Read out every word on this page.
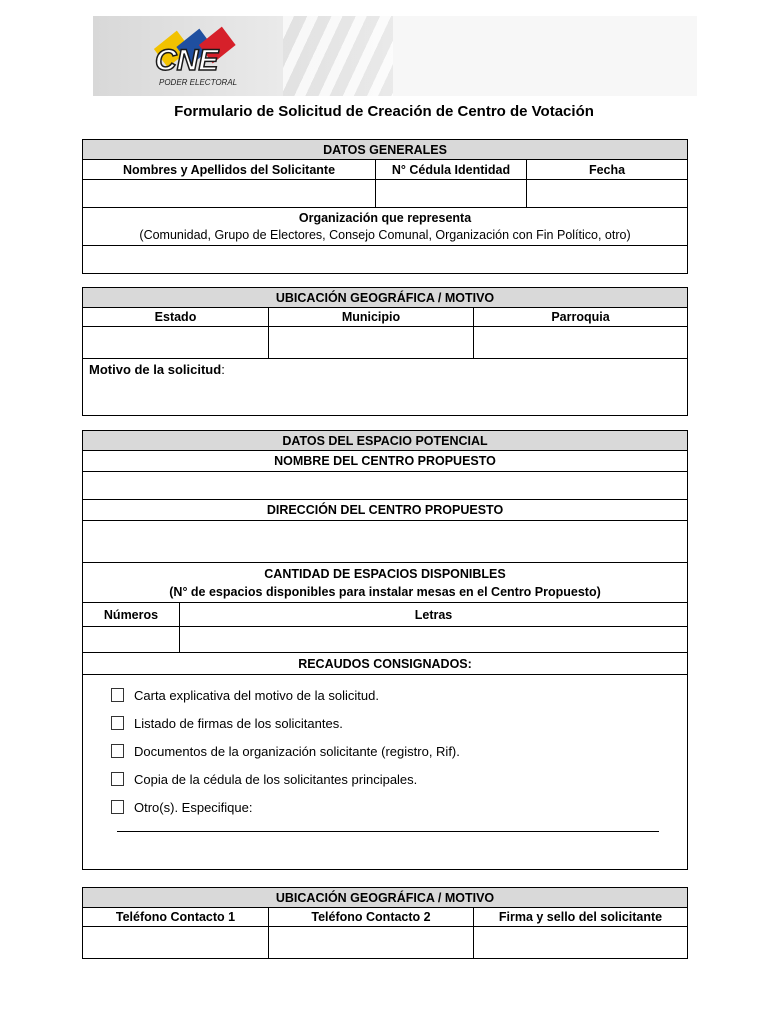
CNE
PODER ELECTORAL
Formulario de Solicitud de Creación de Centro de Votación
DATOS GENERALES		
Nombres y Apellidos del Solicitante	N° Cédula Identidad	Fecha

Organización que representa
(Comunidad, Grupo de Electores, Consejo Comunal, Organización con Fin Político, otro)		

UBICACIÓN GEOGRÁFICA / MOTIVO		
Estado	Municipio	Parroquia

Motivo de la solicitud:		
DATOS DEL ESPACIO POTENCIAL	
NOMBRE DEL CENTRO PROPUESTO	

DIRECCIÓN DEL CENTRO PROPUESTO	

CANTIDAD DE ESPACIOS DISPONIBLES
(N° de espacios disponibles para instalar mesas en el Centro Propuesto)	

Números	Letras

RECAUDOS CONSIGNADOS:	

Carta explicativa del motivo de la solicitud.
Listado de firmas de los solicitantes.
Documentos de la organización solicitante (registro, Rif).
Copia de la cédula de los solicitantes principales.
Otro(s). Especifique:	
UBICACIÓN GEOGRÁFICA / MOTIVO		
Teléfono Contacto 1	Teléfono Contacto 2	Firma y sello del solicitante
